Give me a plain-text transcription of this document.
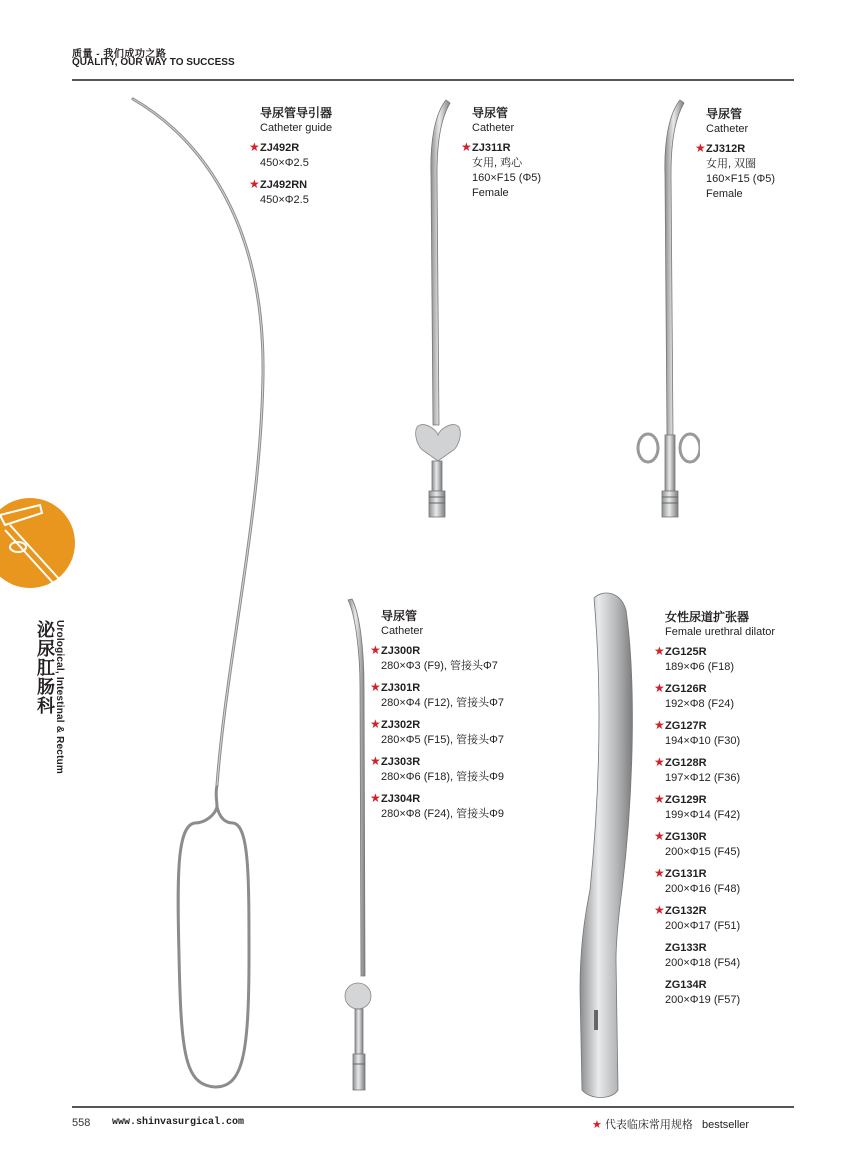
质量 - 我们成功之路
QUALITY, OUR WAY TO SUCCESS
泌尿肛肠科 Urological, Intestinal & Rectum
导尿管导引器
Catheter guide
★ ZJ492R
450×Φ2.5
★ ZJ492RN
450×Φ2.5
导尿管
Catheter
★ ZJ311R
女用, 鸡心
160×F15 (Φ5)
Female
导尿管
Catheter
★ ZJ312R
女用, 双圈
160×F15 (Φ5)
Female
导尿管
Catheter
★ ZJ300R
280×Φ3 (F9), 管接头Φ7
★ ZJ301R
280×Φ4 (F12), 管接头Φ7
★ ZJ302R
280×Φ5 (F15), 管接头Φ7
★ ZJ303R
280×Φ6 (F18), 管接头Φ9
★ ZJ304R
280×Φ8 (F24), 管接头Φ9
女性尿道扩张器
Female urethral dilator
★ ZG125R
189×Φ6 (F18)
★ ZG126R
192×Φ8 (F24)
★ ZG127R
194×Φ10 (F30)
★ ZG128R
197×Φ12 (F36)
★ ZG129R
199×Φ14 (F42)
★ ZG130R
200×Φ15 (F45)
★ ZG131R
200×Φ16 (F48)
★ ZG132R
200×Φ17 (F51)
ZG133R
200×Φ18 (F54)
ZG134R
200×Φ19 (F57)
558 www.shinvasurgical.com	★ 代表临床常用规格 bestseller
